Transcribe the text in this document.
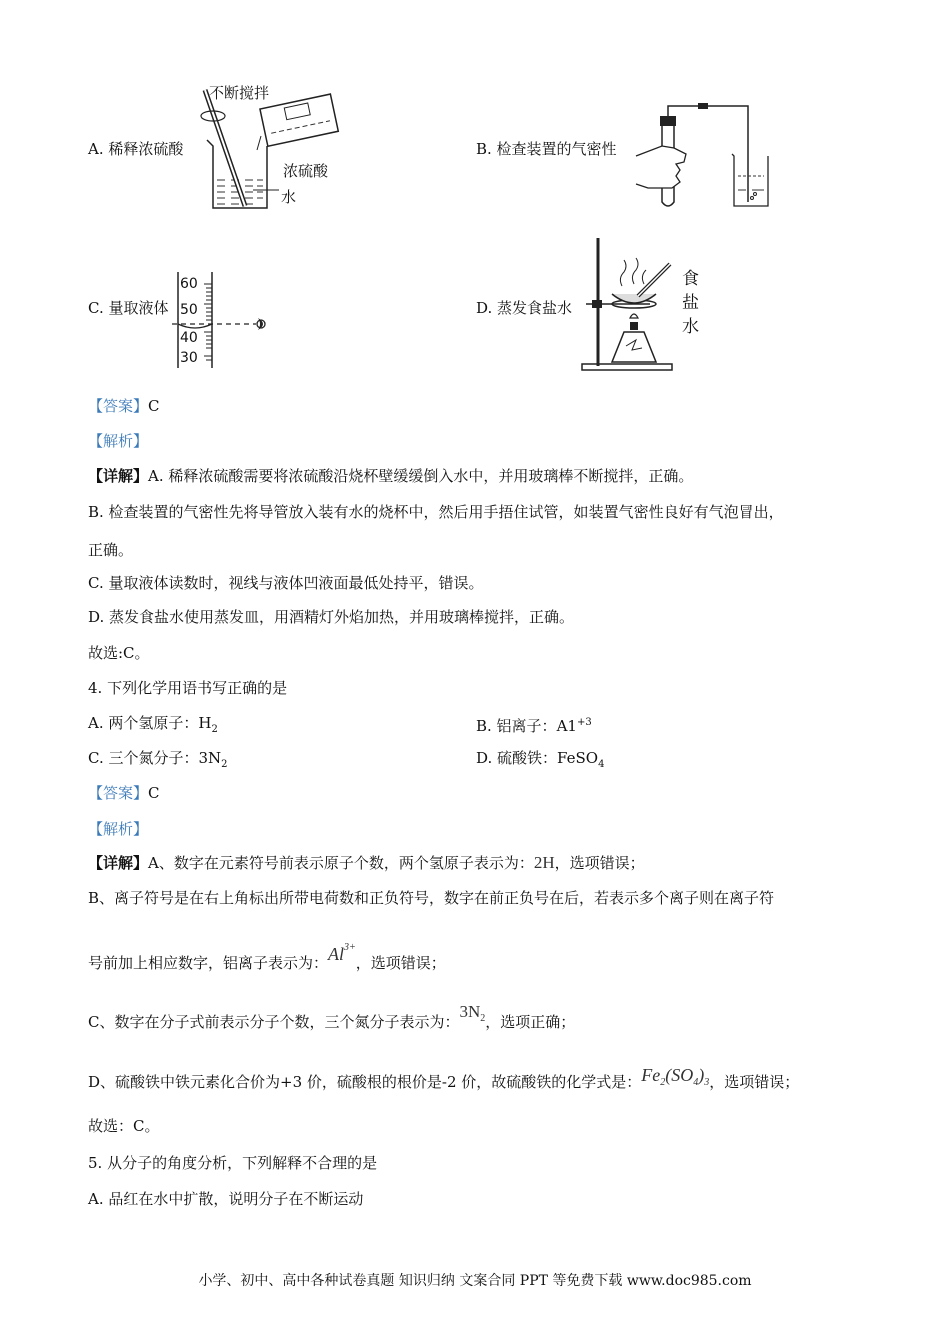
A. 稀释浓硫酸
不断搅拌
浓硫酸
水
B. 检查装置的气密性
C. 量取液体
60
50
40
30
D. 蒸发食盐水
食
盐
水
【答案】C
【解析】
【详解】A. 稀释浓硫酸需要将浓硫酸沿烧杯壁缓缓倒入水中，并用玻璃棒不断搅拌，正确。
B. 检查装置的气密性先将导管放入装有水的烧杯中，然后用手捂住试管，如装置气密性良好有气泡冒出，
正确。
C. 量取液体读数时，视线与液体凹液面最低处持平，错误。
D. 蒸发食盐水使用蒸发皿，用酒精灯外焰加热，并用玻璃棒搅拌，正确。
故选:C。
4. 下列化学用语书写正确的是
A. 两个氢原子：$H_2$	B. 铝离子：$A1^{+3}$
C. 三个氮分子：$3N_2$	D. 硫酸铁：FeSO$_4$
【答案】C
【解析】
【详解】A、数字在元素符号前表示原子个数，两个氢原子表示为：2H，选项错误；
B、离子符号是在右上角标出所带电荷数和正负符号，数字在前正负号在后，若表示多个离子则在离子符
号前加上相应数字，铝离子表示为：$Al^{3+}$，选项错误；
C、数字在分子式前表示分子个数，三个氮分子表示为：$3N_2$，选项正确；
D、硫酸铁中铁元素化合价为+3 价，硫酸根的根价是-2 价，故硫酸铁的化学式是：$Fe_2(SO_4)_3$，选项错误；
故选：C。
5. 从分子的角度分析，下列解释不合理的是
A. 品红在水中扩散，说明分子在不断运动
小学、初中、高中各种试卷真题 知识归纳 文案合同 PPT 等免费下载 www.doc985.com
